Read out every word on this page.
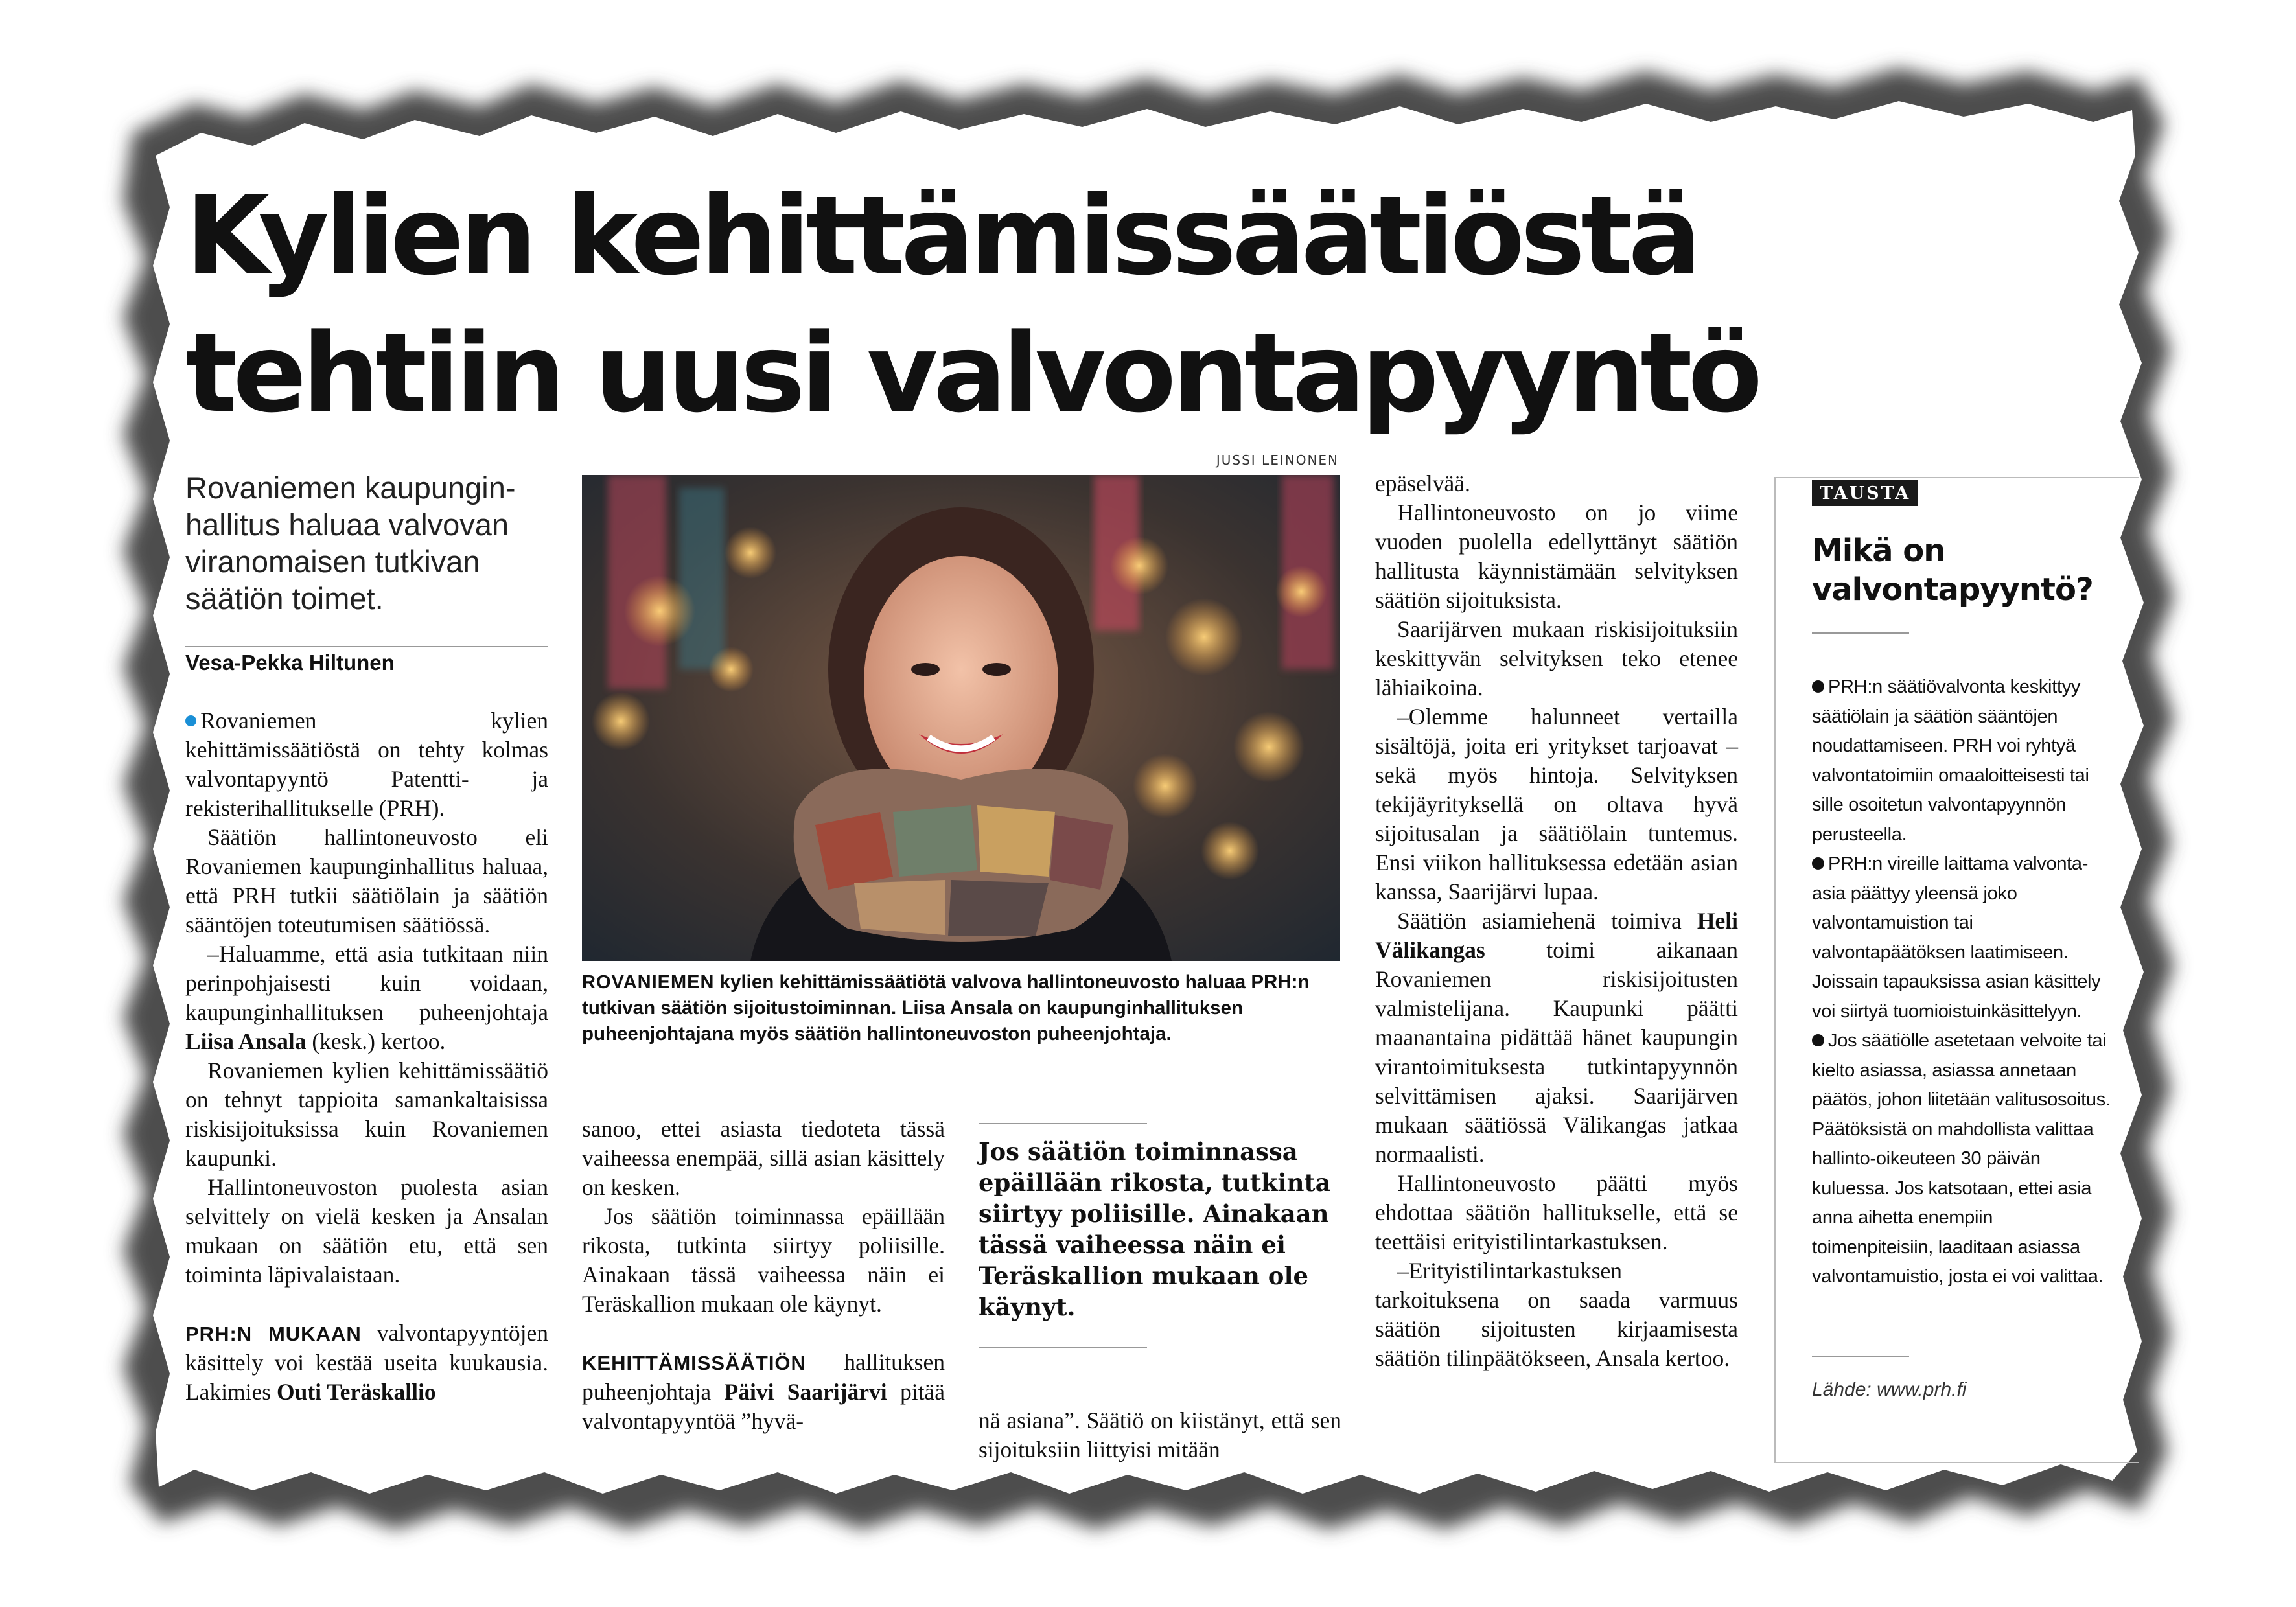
Kylien kehittämissäätiöstä
tehtiin uusi valvontapyyntö
Rovaniemen kaupungin-
hallitus haluaa valvovan
viranomaisen tutkivan
säätiön toimet.
Vesa-Pekka Hiltunen

Rovaniemen kylien kehittämissäätiöstä on tehty kolmas valvontapyyntö Patentti- ja rekisterihallitukselle (PRH).

Säätiön hallintoneuvosto eli Rovaniemen kaupunginhallitus haluaa, että PRH tutkii säätiölain ja säätiön sääntöjen toteutumisen säätiössä.

–Haluamme, että asia tutkitaan niin perinpohjaisesti kuin voidaan, kaupunginhallituksen puheenjohtaja Liisa Ansala (kesk.) kertoo.

Rovaniemen kylien kehittämissäätiö on tehnyt tappioita samankaltaisissa riskisijoituksissa kuin Rovaniemen kaupunki.

Hallintoneuvoston puolesta asian selvittely on vielä kesken ja Ansalan mukaan on säätiön etu, että sen toiminta läpivalaistaan.

PRH:N MUKAAN valvontapyyntöjen käsittely voi kestää useita kuukausia. Lakimies Outi Teräskallio

JUSSI LEINONEN
ROVANIEMEN kylien kehittämissäätiötä valvova hallintoneuvosto haluaa PRH:n tutkivan säätiön sijoitustoiminnan. Liisa Ansala on kaupunginhallituksen puheenjohtajana myös säätiön hallintoneuvoston puheenjohtaja.

sanoo, ettei asiasta tiedoteta tässä vaiheessa enempää, sillä asian käsittely on kesken.

Jos säätiön toiminnassa epäillään rikosta, tutkinta siirtyy poliisille. Ainakaan tässä vaiheessa näin ei Teräskallion mukaan ole käynyt.

KEHITTÄMISSÄÄTIÖN hallituksen puheenjohtaja Päivi Saarijärvi pitää valvontapyyntöä ”hyvä-

Jos säätiön toiminnassa epäillään rikosta, tutkinta siirtyy poliisille. Ainakaan tässä vaiheessa näin ei Teräskallion mukaan ole käynyt.

nä asiana”. Säätiö on kiistänyt, että sen sijoituksiin liittyisi mitään

epäselvää.

Hallintoneuvosto on jo viime vuoden puolella edellyttänyt säätiön hallitusta käynnistämään selvityksen säätiön sijoituksista.

Saarijärven mukaan riskisijoituksiin keskittyvän selvityksen teko etenee lähiaikoina.

–Olemme halunneet vertailla sisältöjä, joita eri yritykset tarjoavat –sekä myös hintoja. Selvityksen tekijäyrityksellä on oltava hyvä sijoitusalan ja säätiölain tuntemus. Ensi viikon hallituksessa edetään asian kanssa, Saarijärvi lupaa.

Säätiön asiamiehenä toimiva Heli Välikangas	toimi aikanaan Rovaniemen riskisijoitusten valmistelijana. Kaupunki päätti maanantaina pidättää hänet kaupungin virantoimituksesta tutkintapyynnön selvittämisen ajaksi. Saarijärven mukaan säätiössä Välikangas jatkaa normaalisti.

Hallintoneuvosto päätti myös ehdottaa säätiön hallitukselle, että se teettäisi erityistilintarkastuksen.

–Erityistilintarkastuksen tarkoituksena on saada varmuus säätiön sijoitusten kirjaamisesta säätiön tilinpäätökseen, Ansala kertoo.

TAUSTA
Mikä on
valvontapyyntö?

PRH:n säätiövalvonta keskittyy säätiölain ja säätiön sääntöjen noudattamiseen. PRH voi ryhtyä valvontatoimiin omaaloitteisesti tai sille osoitetun valvontapyynnön perusteella.

PRH:n vireille laittama valvonta-asia päättyy yleensä joko valvontamuistion tai valvontapäätöksen laatimiseen. Joissain tapauksissa asian käsittely voi siirtyä tuomioistuinkäsittelyyn.

Jos säätiölle asetetaan velvoite tai kielto asiassa, asiassa annetaan päätös, johon liitetään valitusosoitus. Päätöksistä on mahdollista valittaa hallinto-oikeuteen 30 päivän kuluessa. Jos katsotaan, ettei asia anna aihetta enempiin toimenpiteisiin, laaditaan asiassa valvontamuistio, josta ei voi valittaa.

Lähde: www.prh.fi
